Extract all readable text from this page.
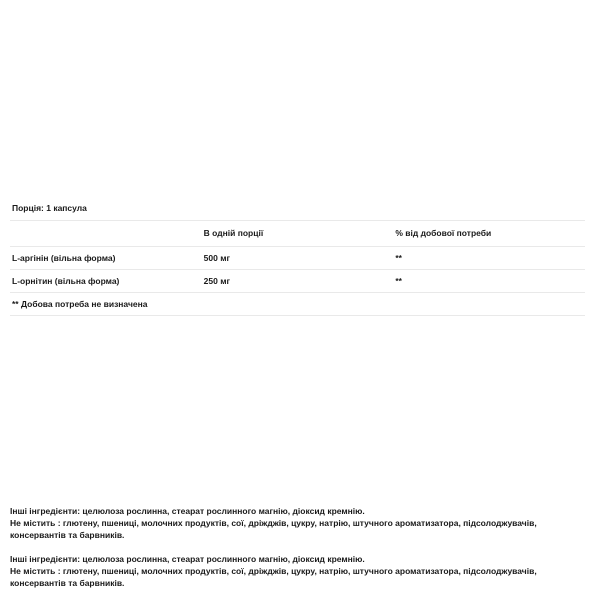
Порція: 1 капсула		
	В одній порції	% від добової потреби
L-аргінін (вільна форма)	500 мг	**
L-орнітин (вільна форма)	250 мг	**
** Добова потреба не визначена		

Інші інгредієнти: целюлоза рослинна, стеарат рослинного магнію, діоксид кремнію.
Не містить : глютену, пшениці, молочних продуктів, сої, дріжджів, цукру, натрію, штучного ароматизатора, підсолоджувачів, консервантів та барвників.

Інші інгредієнти: целюлоза рослинна, стеарат рослинного магнію, діоксид кремнію.
Не містить : глютену, пшениці, молочних продуктів, сої, дріжджів, цукру, натрію, штучного ароматизатора, підсолоджувачів, консервантів та барвників.
